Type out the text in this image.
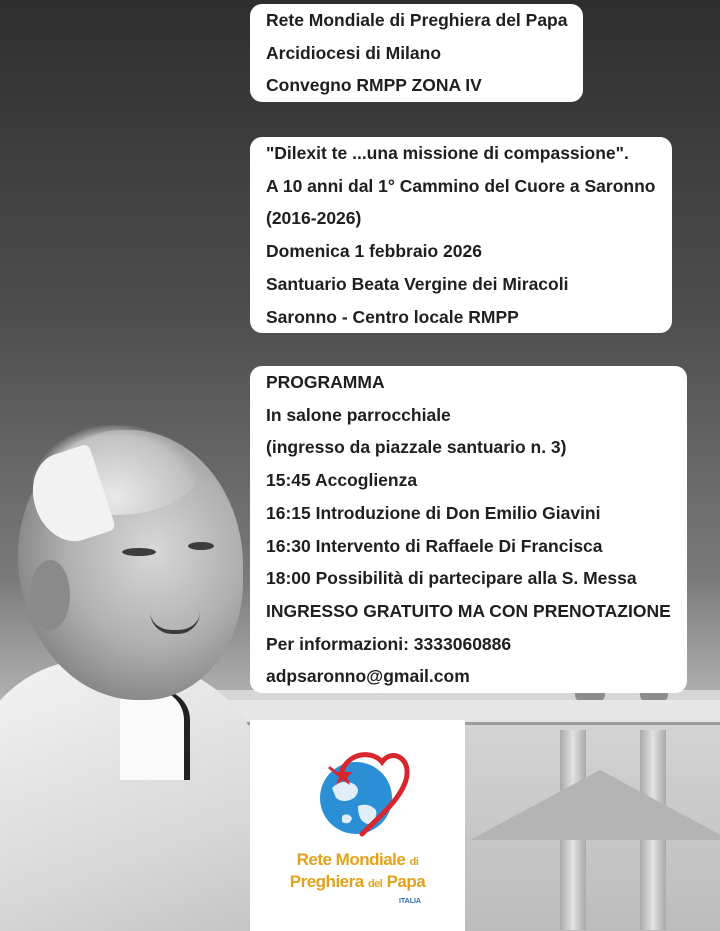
Rete Mondiale di Preghiera del Papa
Arcidiocesi di Milano
Convegno RMPP ZONA IV
"Dilexit te ...una missione di compassione".
A 10 anni dal 1° Cammino del Cuore a Saronno
(2016-2026)
Domenica 1 febbraio 2026
Santuario Beata Vergine dei Miracoli
Saronno - Centro locale RMPP
PROGRAMMA
In salone parrocchiale
(ingresso da piazzale santuario n. 3)
15:45 Accoglienza
16:15 Introduzione di Don Emilio Giavini
16:30 Intervento di Raffaele Di Francisca
18:00 Possibilità di partecipare alla S. Messa
INGRESSO GRATUITO MA CON PRENOTAZIONE
Per informazioni: 3333060886
adpsaronno@gmail.com
Rete Mondiale di
Preghiera del Papa
ITALIA
